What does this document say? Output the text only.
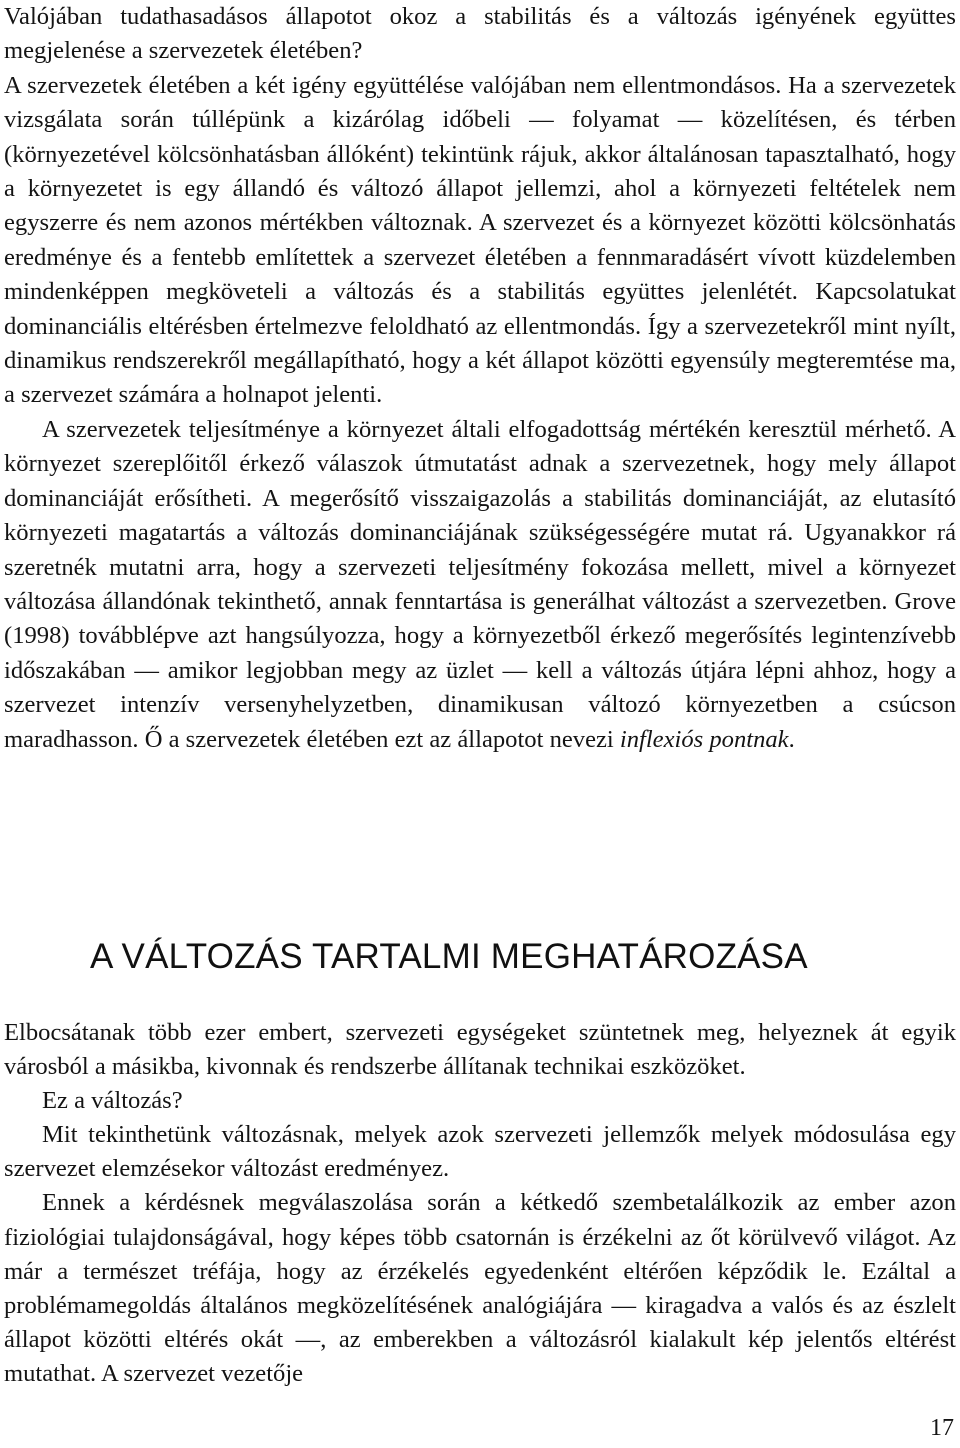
Valójában tudathasadásos állapotot okoz a stabilitás és a változás igényének együttes megjelenése a szervezetek életében?

A szervezetek életében a két igény együttélése valójában nem ellentmondásos. Ha a szervezetek vizsgálata során túllépünk a kizárólag időbeli — folyamat — közelítésen, és térben (környezetével kölcsönhatásban állóként) tekintünk rájuk, akkor általánosan tapasztalható, hogy a környezetet is egy állandó és változó állapot jellemzi, ahol a környezeti feltételek nem egyszerre és nem azonos mértékben változnak. A szervezet és a környezet közötti kölcsönhatás eredménye és a fentebb említettek a szervezet életében a fennmaradásért vívott küzdelemben mindenképpen megköveteli a változás és a stabilitás együttes jelenlétét. Kapcsolatukat dominanciális eltérésben értelmezve feloldható az ellentmondás. Így a szervezetekről mint nyílt, dinamikus rendszerekről megállapítható, hogy a két állapot közötti egyensúly megteremtése ma, a szervezet számára a holnapot jelenti.

A szervezetek teljesítménye a környezet általi elfogadottság mértékén keresztül mérhető. A környezet szereplőitől érkező válaszok útmutatást adnak a szervezetnek, hogy mely állapot dominanciáját erősítheti. A megerősítő visszaigazolás a stabilitás dominanciáját, az elutasító környezeti magatartás a változás dominanciájának szükségességére mutat rá. Ugyanakkor rá szeretnék mutatni arra, hogy a szervezeti teljesítmény fokozása mellett, mivel a környezet változása állandónak tekinthető, annak fenntartása is generálhat változást a szervezetben. Grove (1998) továbblépve azt hangsúlyozza, hogy a környezetből érkező megerősítés legintenzívebb időszakában — amikor legjobban megy az üzlet — kell a változás útjára lépni ahhoz, hogy a szervezet intenzív versenyhelyzetben, dinamikusan változó környezetben a csúcson maradhasson. Ő a szervezetek életében ezt az állapotot nevezi inflexiós pontnak.

A VÁLTOZÁS TARTALMI MEGHATÁROZÁSA

Elbocsátanak több ezer embert, szervezeti egységeket szüntetnek meg, helyeznek át egyik városból a másikba, kivonnak és rendszerbe állítanak technikai eszközöket.

Ez a változás?

Mit tekinthetünk változásnak, melyek azok szervezeti jellemzők melyek módosulása egy szervezet elemzésekor változást eredményez.

Ennek a kérdésnek megválaszolása során a kétkedő szembetalálkozik az ember azon fiziológiai tulajdonságával, hogy képes több csatornán is érzékelni az őt körülvevő világot. Az már a természet tréfája, hogy az érzékelés egyedenként eltérően képződik le. Ezáltal a problémamegoldás általános megközelítésének analógiájára — kiragadva a valós és az észlelt állapot közötti eltérés okát —, az emberekben a változásról kialakult kép jelentős eltérést mutathat. A szervezet vezetője

17
